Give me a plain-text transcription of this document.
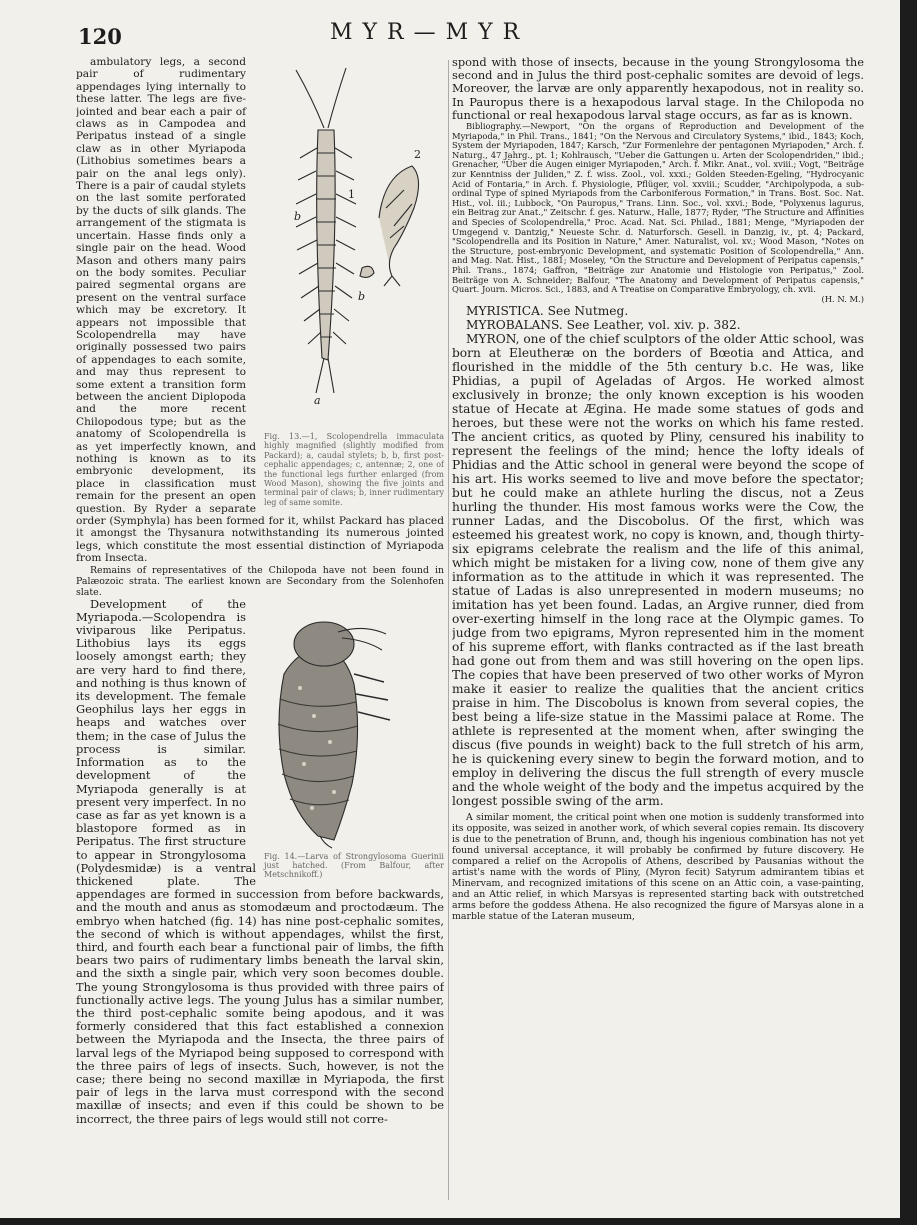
120	MYR—MYR
b
b
a
1
2
Fig. 13.—1, Scolopendrella immaculata highly magnified (slightly modified from Packard); a, caudal stylets; b, b, first post-cephalic appendages; c, antennæ; 2, one of the functional legs further enlarged (from Wood Mason), showing the five joints and terminal pair of claws; b, inner rudimentary leg of same somite.

ambulatory legs, a second pair of rudimentary appendages lying internally to these latter. The legs are five-jointed and bear each a pair of claws as in Campodea and Peripatus instead of a single claw as in other Myriapoda (Lithobius sometimes bears a pair on the anal legs only). There is a pair of caudal stylets on the last somite perforated by the ducts of silk glands. The arrangement of the stigmata is uncertain. Hasse finds only a single pair on the head. Wood Mason and others many pairs on the body somites. Peculiar paired segmental organs are present on the ventral surface which may be excretory. It appears not impossible that Scolopendrella may have originally possessed two pairs of appendages to each somite, and may thus represent to some extent a transition form between the ancient Diplopoda and the more recent Chilopodous type; but as the anatomy of Scolopendrella is as yet imperfectly known, and nothing is known as to its embryonic development, its place in classification must remain for the present an open question. By Ryder a separate order (Symphyla) has been formed for it, whilst Packard has placed it amongst the Thysanura notwithstanding its numerous jointed legs, which constitute the most essential distinction of Myriapoda from Insecta.

Remains of representatives of the Chilopoda have not been found in Palæozoic strata. The earliest known are Secondary from the Solenhofen slate.

Fig. 14.—Larva of Strongylosoma Guerinii just hatched. (From Balfour, after Metschnikoff.)

Development of the Myriapoda.—Scolopendra is viviparous like Peripatus. Lithobius lays its eggs loosely amongst earth; they are very hard to find there, and nothing is thus known of its development. The female Geophilus lays her eggs in heaps and watches over them; in the case of Julus the process is similar. Information as to the development of the Myriapoda generally is at present very imperfect. In no case as far as yet known is a blastopore formed as in Peripatus. The first structure to appear in Strongylosoma (Polydesmidæ) is a ventral thickened plate. The appendages are formed in succession from before backwards, and the mouth and anus as stomodæum and proctodæum. The embryo when hatched (fig. 14) has nine post-cephalic somites, the second of which is without appendages, whilst the first, third, and fourth each bear a functional pair of limbs, the fifth bears two pairs of rudimentary limbs beneath the larval skin, and the sixth a single pair, which very soon becomes double. The young Strongylosoma is thus provided with three pairs of functionally active legs. The young Julus has a similar number, the third post-cephalic somite being apodous, and it was formerly considered that this fact established a connexion between the Myriapoda and the Insecta, the three pairs of larval legs of the Myriapod being supposed to correspond with the three pairs of legs of insects. Such, however, is not the case; there being no second maxillæ in Myriapoda, the first pair of legs in the larva must correspond with the second maxillæ of insects; and even if this could be shown to be incorrect, the three pairs of legs would still not corre-

spond with those of insects, because in the young Strongylosoma the second and in Julus the third post-cephalic somites are devoid of legs. Moreover, the larvæ are only apparently hexapodous, not in reality so. In Pauropus there is a hexapodous larval stage. In the Chilopoda no functional or real hexapodous larval stage occurs, as far as is known.

Bibliography.—Newport, "On the organs of Reproduction and Development of the Myriapoda," in Phil. Trans., 1841; "On the Nervous and Circulatory Systems," ibid., 1843; Koch, System der Myriapoden, 1847; Karsch, "Zur Formenlehre der pentagonen Myriapoden," Arch. f. Naturg., 47 Jahrg., pt. 1; Kohlrausch, "Ueber die Gattungen u. Arten der Scolopendriden," ibid.; Grenacher, "Über die Augen einiger Myriapoden," Arch. f. Mikr. Anat., vol. xviii.; Vogt, "Beiträge zur Kenntniss der Juliden," Z. f. wiss. Zool., vol. xxxi.; Golden Steeden-Egeling, "Hydrocyanic Acid of Fontaria," in Arch. f. Physiologie, Pflüger, vol. xxviii.; Scudder, "Archipolypoda, a sub-ordinal Type of spined Myriapods from the Carboniferous Formation," in Trans. Bost. Soc. Nat. Hist., vol. iii.; Lubbock, "On Pauropus," Trans. Linn. Soc., vol. xxvi.; Bode, "Polyxenus lagurus, ein Beitrag zur Anat.," Zeitschr. f. ges. Naturw., Halle, 1877; Ryder, "The Structure and Affinities and Species of Scolopendrella," Proc. Acad. Nat. Sci. Philad., 1881; Menge, "Myriapoden der Umgegend v. Dantzig," Neueste Schr. d. Naturforsch. Gesell. in Danzig, iv., pt. 4; Packard, "Scolopendrella and its Position in Nature," Amer. Naturalist, vol. xv.; Wood Mason, "Notes on the Structure, post-embryonic Development, and systematic Position of Scolopendrella," Ann. and Mag. Nat. Hist., 1881; Moseley, "On the Structure and Development of Peripatus capensis," Phil. Trans., 1874; Gaffron, "Beiträge zur Anatomie und Histologie von Peripatus," Zool. Beiträge von A. Schneider; Balfour, "The Anatomy and Development of Peripatus capensis," Quart. Journ. Micros. Sci., 1883, and A Treatise on Comparative Embryology, ch. xvii.
(H. N. M.)

MYRISTICA. See Nutmeg.

MYROBALANS. See Leather, vol. xiv. p. 382.

MYRON, one of the chief sculptors of the older Attic school, was born at Eleutheræ on the borders of Bœotia and Attica, and flourished in the middle of the 5th century b.c. He was, like Phidias, a pupil of Ageladas of Argos. He worked almost exclusively in bronze; the only known exception is his wooden statue of Hecate at Ægina. He made some statues of gods and heroes, but these were not the works on which his fame rested. The ancient critics, as quoted by Pliny, censured his inability to represent the feelings of the mind; hence the lofty ideals of Phidias and the Attic school in general were beyond the scope of his art. His works seemed to live and move before the spectator; but he could make an athlete hurling the discus, not a Zeus hurling the thunder. His most famous works were the Cow, the runner Ladas, and the Discobolus. Of the first, which was esteemed his greatest work, no copy is known, and, though thirty-six epigrams celebrate the realism and the life of this animal, which might be mistaken for a living cow, none of them give any information as to the attitude in which it was represented. The statue of Ladas is also unrepresented in modern museums; no imitation has yet been found. Ladas, an Argive runner, died from over-exerting himself in the long race at the Olympic games. To judge from two epigrams, Myron represented him in the moment of his supreme effort, with flanks contracted as if the last breath had gone out from them and was still hovering on the open lips. The copies that have been preserved of two other works of Myron make it easier to realize the qualities that the ancient critics praise in him. The Discobolus is known from several copies, the best being a life-size statue in the Massimi palace at Rome. The athlete is represented at the moment when, after swinging the discus (five pounds in weight) back to the full stretch of his arm, he is quickening every sinew to begin the forward motion, and to employ in delivering the discus the full strength of every muscle and the whole weight of the body and the impetus acquired by the longest possible swing of the arm.

A similar moment, the critical point when one motion is suddenly transformed into its opposite, was seized in another work, of which several copies remain. Its discovery is due to the penetration of Brunn, and, though his ingenious combination has not yet found universal acceptance, it will probably be confirmed by future discovery. He compared a relief on the Acropolis of Athens, described by Pausanias without the artist's name with the words of Pliny, (Myron fecit) Satyrum admirantem tibias et Minervam, and recognized imitations of this scene on an Attic coin, a vase-painting, and an Attic relief, in which Marsyas is represented starting back with outstretched arms before the goddess Athena. He also recognized the figure of Marsyas alone in a marble statue of the Lateran museum,
